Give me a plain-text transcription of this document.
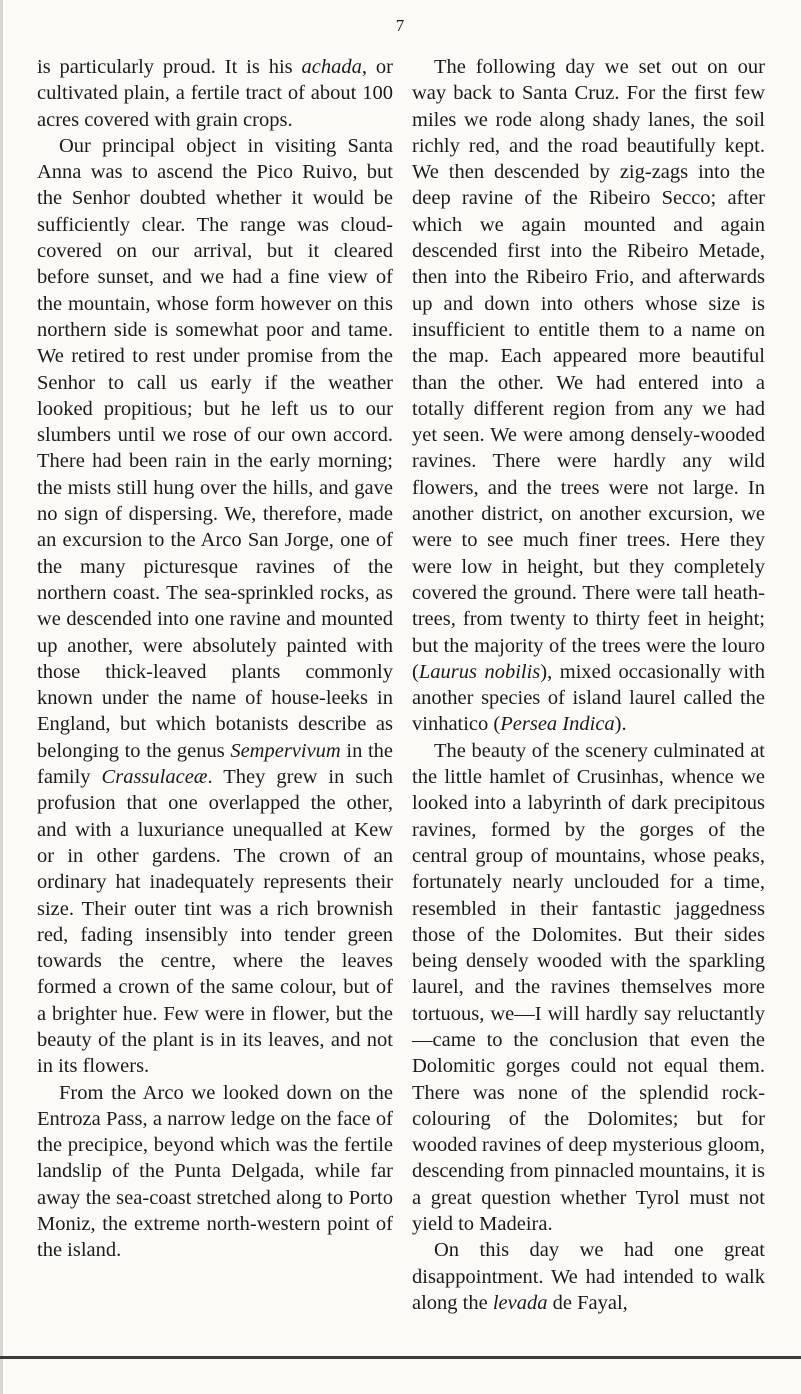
7

is particularly proud. It is his achada, or cultivated plain, a fertile tract of about 100 acres covered with grain crops.

Our principal object in visiting Santa Anna was to ascend the Pico Ruivo, but the Senhor doubted whether it would be sufficiently clear. The range was cloud-covered on our arrival, but it cleared before sunset, and we had a fine view of the mountain, whose form however on this northern side is somewhat poor and tame. We retired to rest under promise from the Senhor to call us early if the weather looked propitious; but he left us to our slumbers until we rose of our own accord. There had been rain in the early morning; the mists still hung over the hills, and gave no sign of dispersing. We, therefore, made an excursion to the Arco San Jorge, one of the many picturesque ravines of the northern coast. The sea-sprinkled rocks, as we descended into one ravine and mounted up another, were absolutely painted with those thick-leaved plants commonly known under the name of house-leeks in England, but which botanists describe as belonging to the genus Sempervivum in the family Crassulaceæ. They grew in such profusion that one overlapped the other, and with a luxuriance unequalled at Kew or in other gardens. The crown of an ordinary hat inadequately represents their size. Their outer tint was a rich brownish red, fading insensibly into tender green towards the centre, where the leaves formed a crown of the same colour, but of a brighter hue. Few were in flower, but the beauty of the plant is in its leaves, and not in its flowers.

From the Arco we looked down on the Entroza Pass, a narrow ledge on the face of the precipice, beyond which was the fertile landslip of the Punta Delgada, while far away the sea-coast stretched along to Porto Moniz, the extreme north-western point of the island.

The following day we set out on our way back to Santa Cruz. For the first few miles we rode along shady lanes, the soil richly red, and the road beautifully kept. We then descended by zig-zags into the deep ravine of the Ribeiro Secco; after which we again mounted and again descended first into the Ribeiro Metade, then into the Ribeiro Frio, and afterwards up and down into others whose size is insufficient to entitle them to a name on the map. Each appeared more beautiful than the other. We had entered into a totally different region from any we had yet seen. We were among densely-wooded ravines. There were hardly any wild flowers, and the trees were not large. In another district, on another excursion, we were to see much finer trees. Here they were low in height, but they completely covered the ground. There were tall heath-trees, from twenty to thirty feet in height; but the majority of the trees were the louro (Laurus nobilis), mixed occasionally with another species of island laurel called the vinhatico (Persea Indica).

The beauty of the scenery culminated at the little hamlet of Crusinhas, whence we looked into a labyrinth of dark precipitous ravines, formed by the gorges of the central group of mountains, whose peaks, fortunately nearly unclouded for a time, resembled in their fantastic jaggedness those of the Dolomites. But their sides being densely wooded with the sparkling laurel, and the ravines themselves more tortuous, we—I will hardly say reluctantly—came to the conclusion that even the Dolomitic gorges could not equal them. There was none of the splendid rock-colouring of the Dolomites; but for wooded ravines of deep mysterious gloom, descending from pinnacled mountains, it is a great question whether Tyrol must not yield to Madeira.

On this day we had one great disappointment. We had intended to walk along the levada de Fayal,
